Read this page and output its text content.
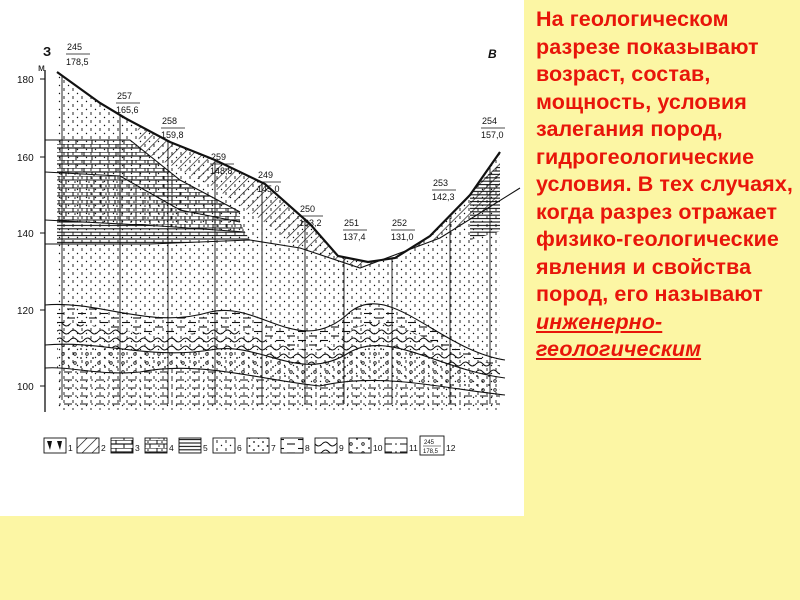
З
м
В
180
160
140
120
100
245
178,5
257
165,6
258
159,8
259
148,8	249
145,0
250
133,2 251
137,4
252
131,0
253
142,3
254
157,0
1	2	3	4	5	6	7	8	9	10	11 245
178,5 12

На геологическом разрезе показывают возраст, состав, мощность, условия залегания пород, гидрогеологические условия. В тех случаях, когда разрез отражает физико-геологические явления и свойства пород, его называют инженерно-геологическим
